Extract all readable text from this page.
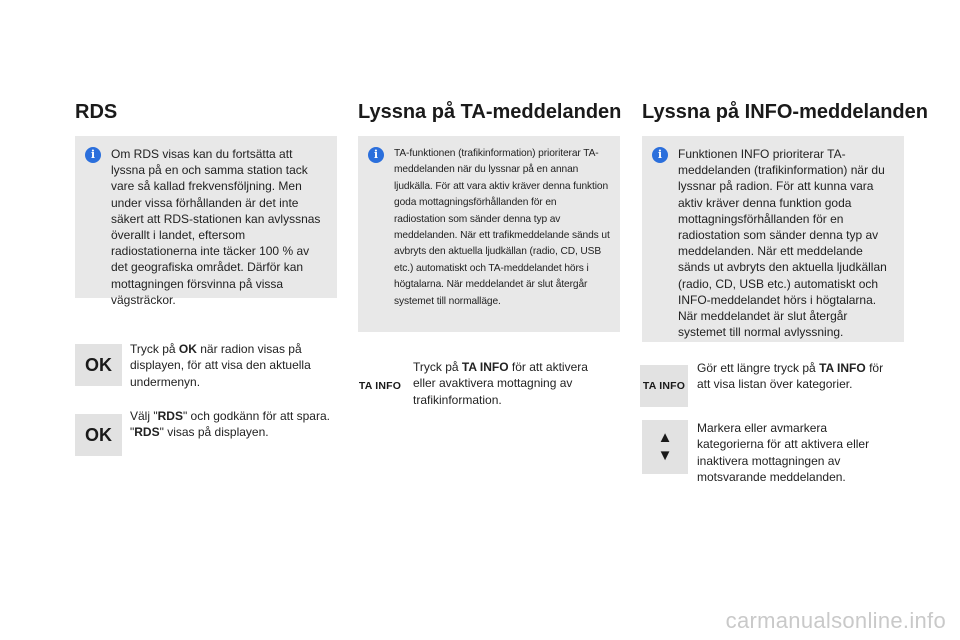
RDS
i	Om RDS visas kan du fortsätta att lyssna på en och samma station tack vare så kallad frekvensföljning. Men under vissa förhållanden är det inte säkert att RDS-stationen kan avlyssnas överallt i landet, eftersom radiostationerna inte täcker 100 % av det geografiska området. Därför kan mottagningen försvinna på vissa vägsträckor.
OK
Tryck på OK när radion visas på displayen, för att visa den aktuella undermenyn.
OK
Välj "RDS" och godkänn för att spara. "RDS" visas på displayen.
Lyssna på TA-meddelanden
i	TA-funktionen (trafikinformation) prioriterar TA-meddelanden när du lyssnar på en annan ljudkälla. För att vara aktiv kräver denna funktion goda mottagningsförhållanden för en radiostation som sänder denna typ av meddelanden. När ett trafikmeddelande sänds ut avbryts den aktuella ljudkällan (radio, CD, USB etc.) automatiskt och TA-meddelandet hörs i högtalarna. När meddelandet är slut återgår systemet till normalläge.
TA INFO
Tryck på TA INFO för att aktivera eller avaktivera mottagning av trafikinformation.
Lyssna på INFO-meddelanden
i	Funktionen INFO prioriterar TA-meddelanden (trafikinformation) när du lyssnar på radion. För att kunna vara aktiv kräver denna funktion goda mottagningsförhållanden för en radiostation som sänder denna typ av meddelanden. När ett meddelande sänds ut avbryts den aktuella ljudkällan (radio, CD, USB etc.) automatiskt och INFO-meddelandet hörs i högtalarna. När meddelandet är slut återgår systemet till normal avlyssning.
TA INFO
Gör ett längre tryck på TA INFO för att visa listan över kategorier.
▲
▼
Markera eller avmarkera kategorierna för att aktivera eller inaktivera mottagningen av motsvarande meddelanden.
carmanualsonline.info
